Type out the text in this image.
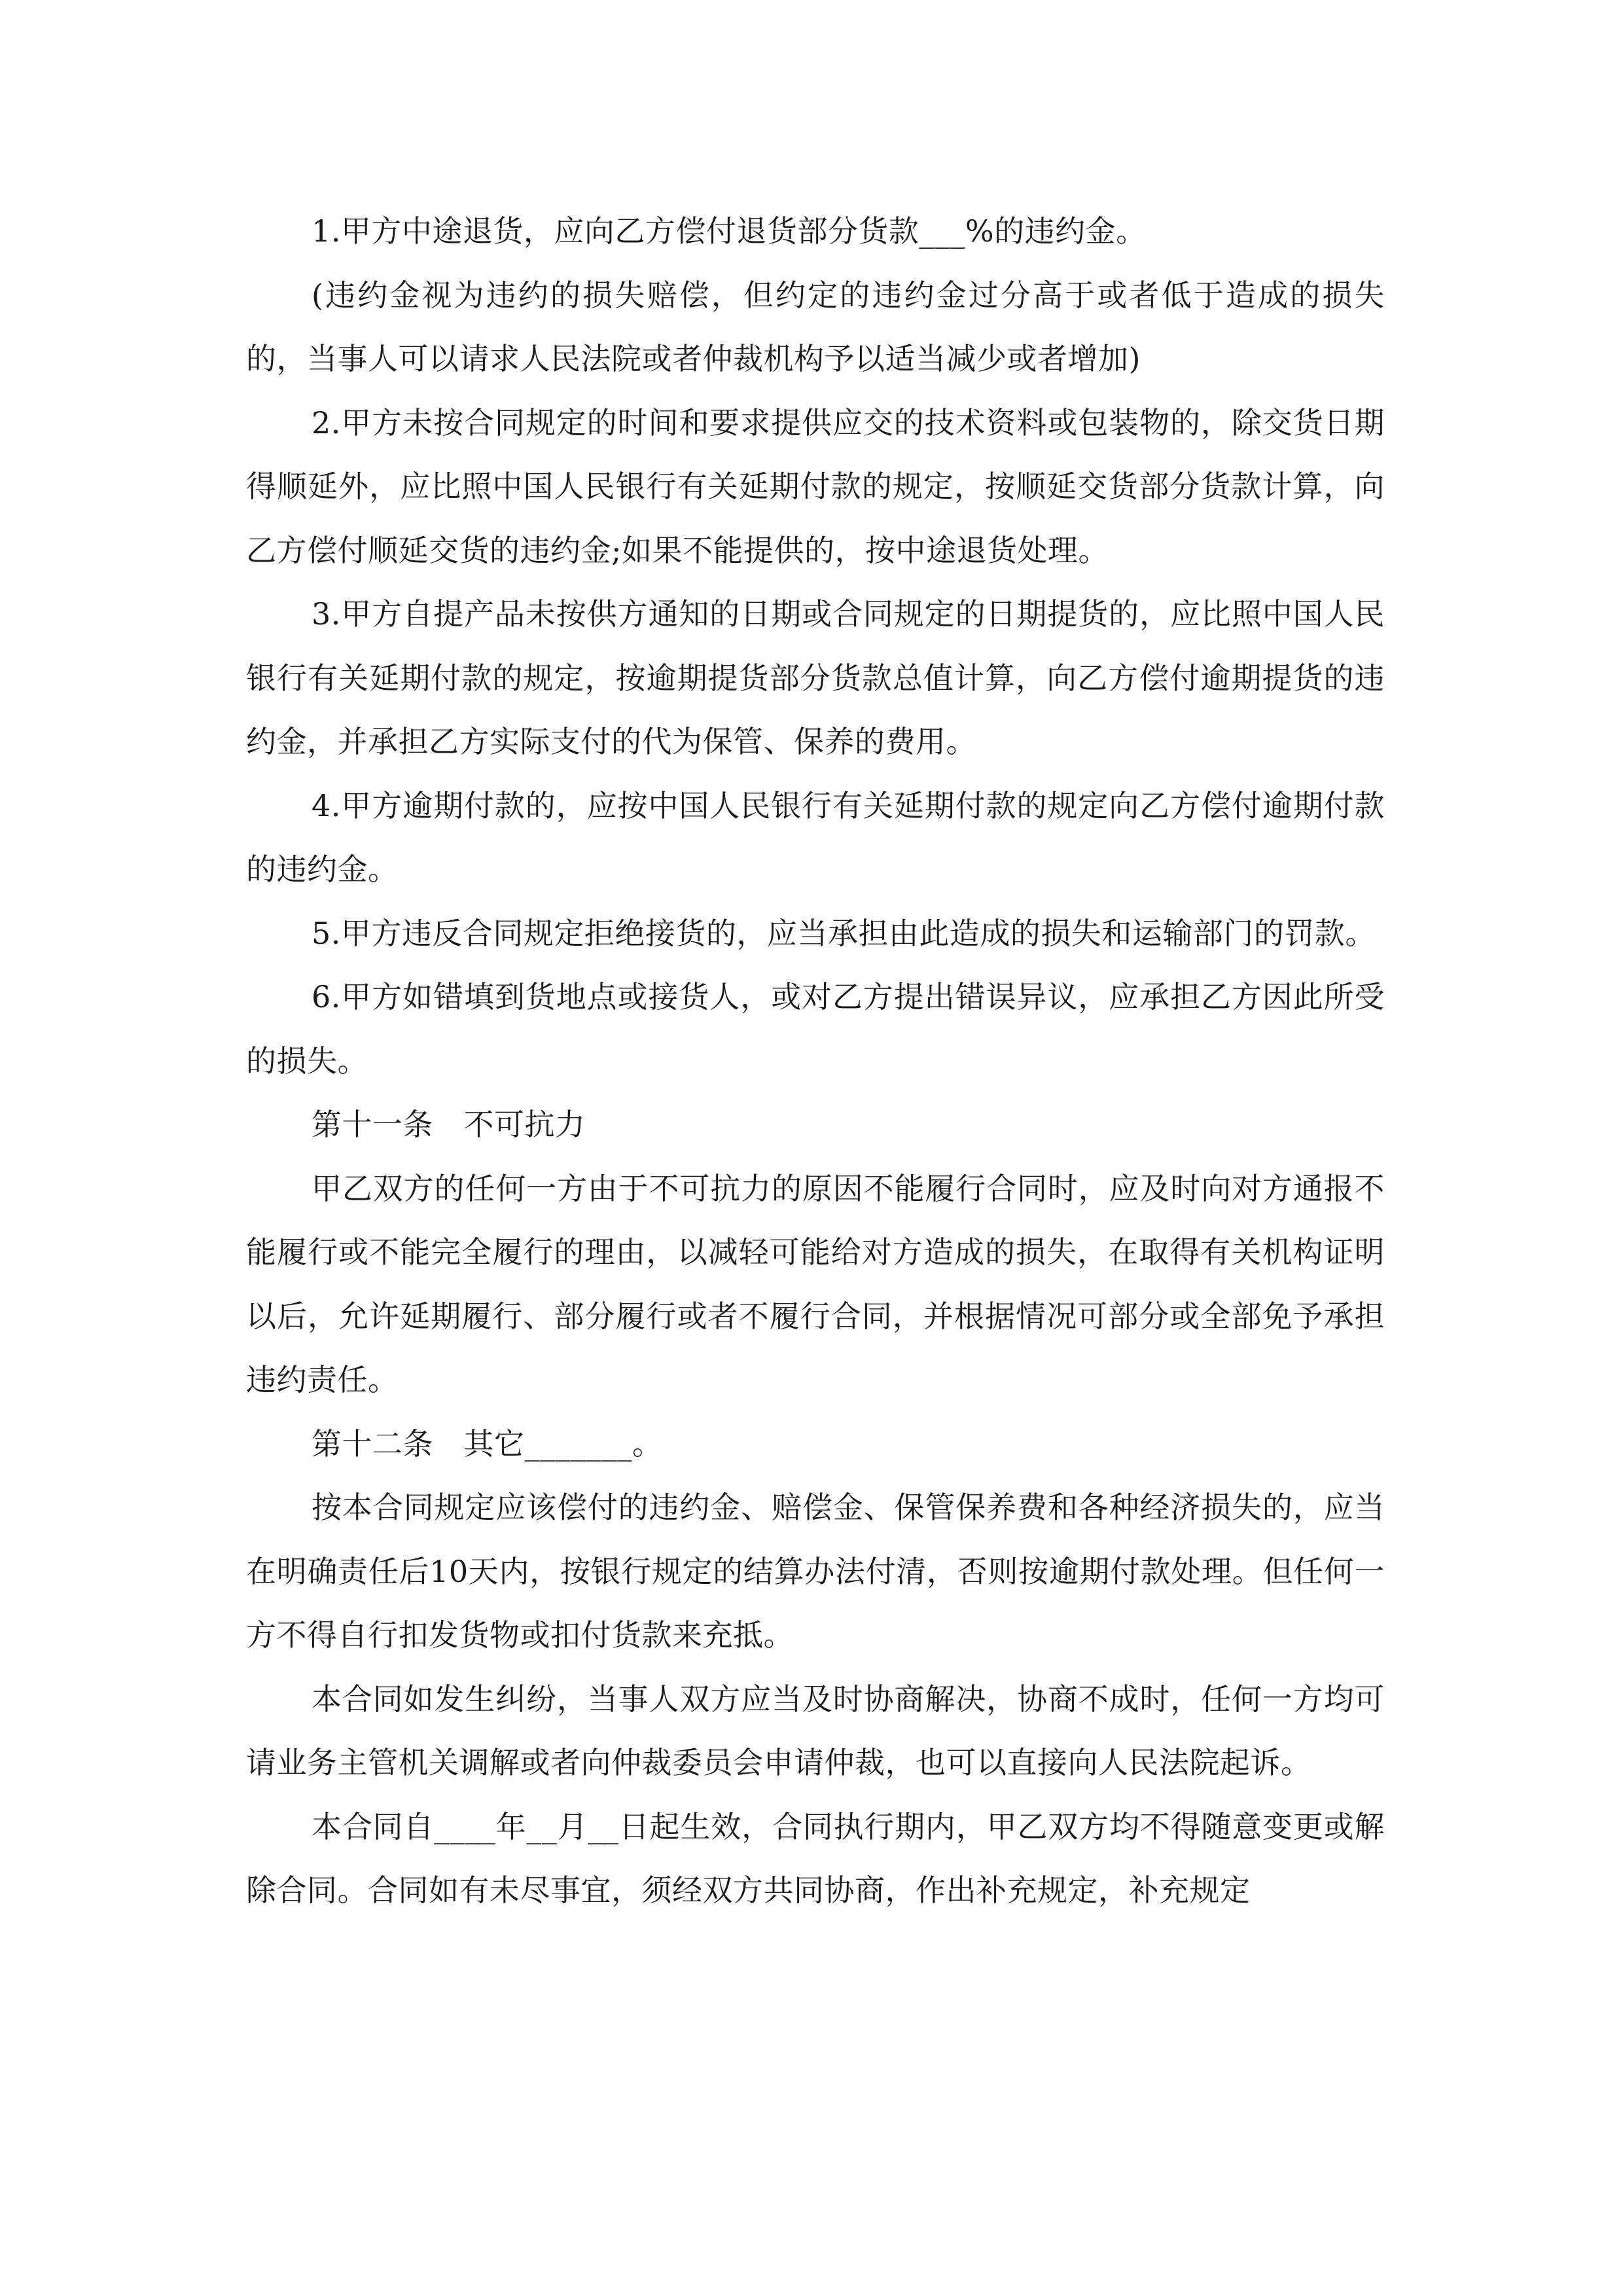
1.甲方中途退货，应向乙方偿付退货部分货款___%的违约金。

(违约金视为违约的损失赔偿，但约定的违约金过分高于或者低于造成的损失的，当事人可以请求人民法院或者仲裁机构予以适当减少或者增加)

2.甲方未按合同规定的时间和要求提供应交的技术资料或包装物的，除交货日期得顺延外，应比照中国人民银行有关延期付款的规定，按顺延交货部分货款计算，向乙方偿付顺延交货的违约金;如果不能提供的，按中途退货处理。

3.甲方自提产品未按供方通知的日期或合同规定的日期提货的，应比照中国人民银行有关延期付款的规定，按逾期提货部分货款总值计算，向乙方偿付逾期提货的违约金，并承担乙方实际支付的代为保管、保养的费用。

4.甲方逾期付款的，应按中国人民银行有关延期付款的规定向乙方偿付逾期付款的违约金。

5.甲方违反合同规定拒绝接货的，应当承担由此造成的损失和运输部门的罚款。

6.甲方如错填到货地点或接货人，或对乙方提出错误异议，应承担乙方因此所受的损失。

第十一条　不可抗力

甲乙双方的任何一方由于不可抗力的原因不能履行合同时，应及时向对方通报不能履行或不能完全履行的理由，以减轻可能给对方造成的损失，在取得有关机构证明以后，允许延期履行、部分履行或者不履行合同，并根据情况可部分或全部免予承担违约责任。

第十二条　其它_______。

按本合同规定应该偿付的违约金、赔偿金、保管保养费和各种经济损失的，应当在明确责任后10天内，按银行规定的结算办法付清，否则按逾期付款处理。但任何一方不得自行扣发货物或扣付货款来充抵。

本合同如发生纠纷，当事人双方应当及时协商解决，协商不成时，任何一方均可请业务主管机关调解或者向仲裁委员会申请仲裁，也可以直接向人民法院起诉。

本合同自____年__月__日起生效，合同执行期内，甲乙双方均不得随意变更或解除合同。合同如有未尽事宜，须经双方共同协商，作出补充规定，补充规定
